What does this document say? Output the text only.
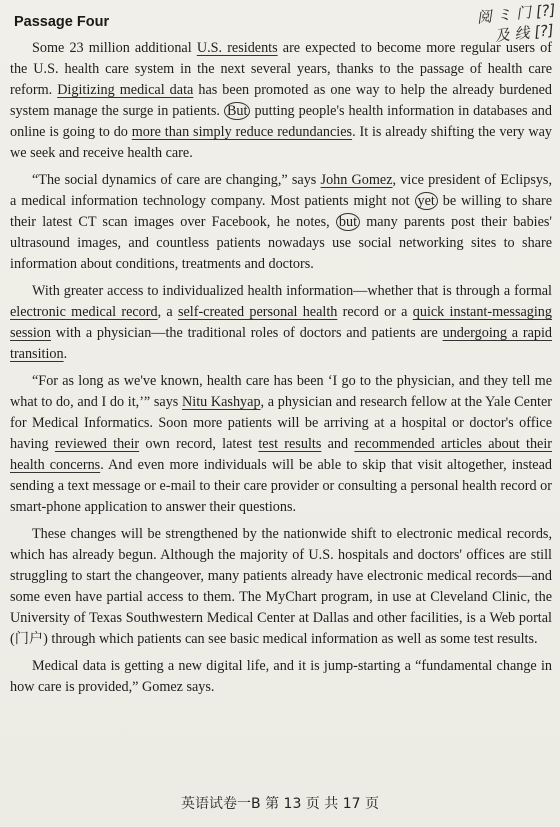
Passage Four	阅 ミ 门 [?]
及 线 [?]

Some 23 million additional U.S. residents are expected to become more regular users of the U.S. health care system in the next several years, thanks to the passage of health care reform. Digitizing medical data has been promoted as one way to help the already burdened system manage the surge in patients. But putting people's health information in databases and online is going to do more than simply reduce redundancies. It is already shifting the very way we seek and receive health care.

“The social dynamics of care are changing,” says John Gomez, vice president of Eclipsys, a medical information technology company. Most patients might not yet be willing to share their latest CT scan images over Facebook, he notes, but many parents post their babies' ultrasound images, and countless patients nowadays use social networking sites to share information about conditions, treatments and doctors.

With greater access to individualized health information—whether that is through a formal electronic medical record, a self-created personal health record or a quick instant-messaging session with a physician—the traditional roles of doctors and patients are undergoing a rapid transition.

“For as long as we've known, health care has been ‘I go to the physician, and they tell me what to do, and I do it,’” says Nitu Kashyap, a physician and research fellow at the Yale Center for Medical Informatics. Soon more patients will be arriving at a hospital or doctor's office having reviewed their own record, latest test results and recommended articles about their health concerns. And even more individuals will be able to skip that visit altogether, instead sending a text message or e-mail to their care provider or consulting a personal health record or smart-phone application to answer their questions.

These changes will be strengthened by the nationwide shift to electronic medical records, which has already begun. Although the majority of U.S. hospitals and doctors' offices are still struggling to start the changeover, many patients already have electronic medical records—and some even have partial access to them. The MyChart program, in use at Cleveland Clinic, the University of Texas Southwestern Medical Center at Dallas and other facilities, is a Web portal (门户) through which patients can see basic medical information as well as some test results.

Medical data is getting a new digital life, and it is jump-starting a “fundamental change in how care is provided,” Gomez says.

英语试卷一B 第 13 页 共 17 页
